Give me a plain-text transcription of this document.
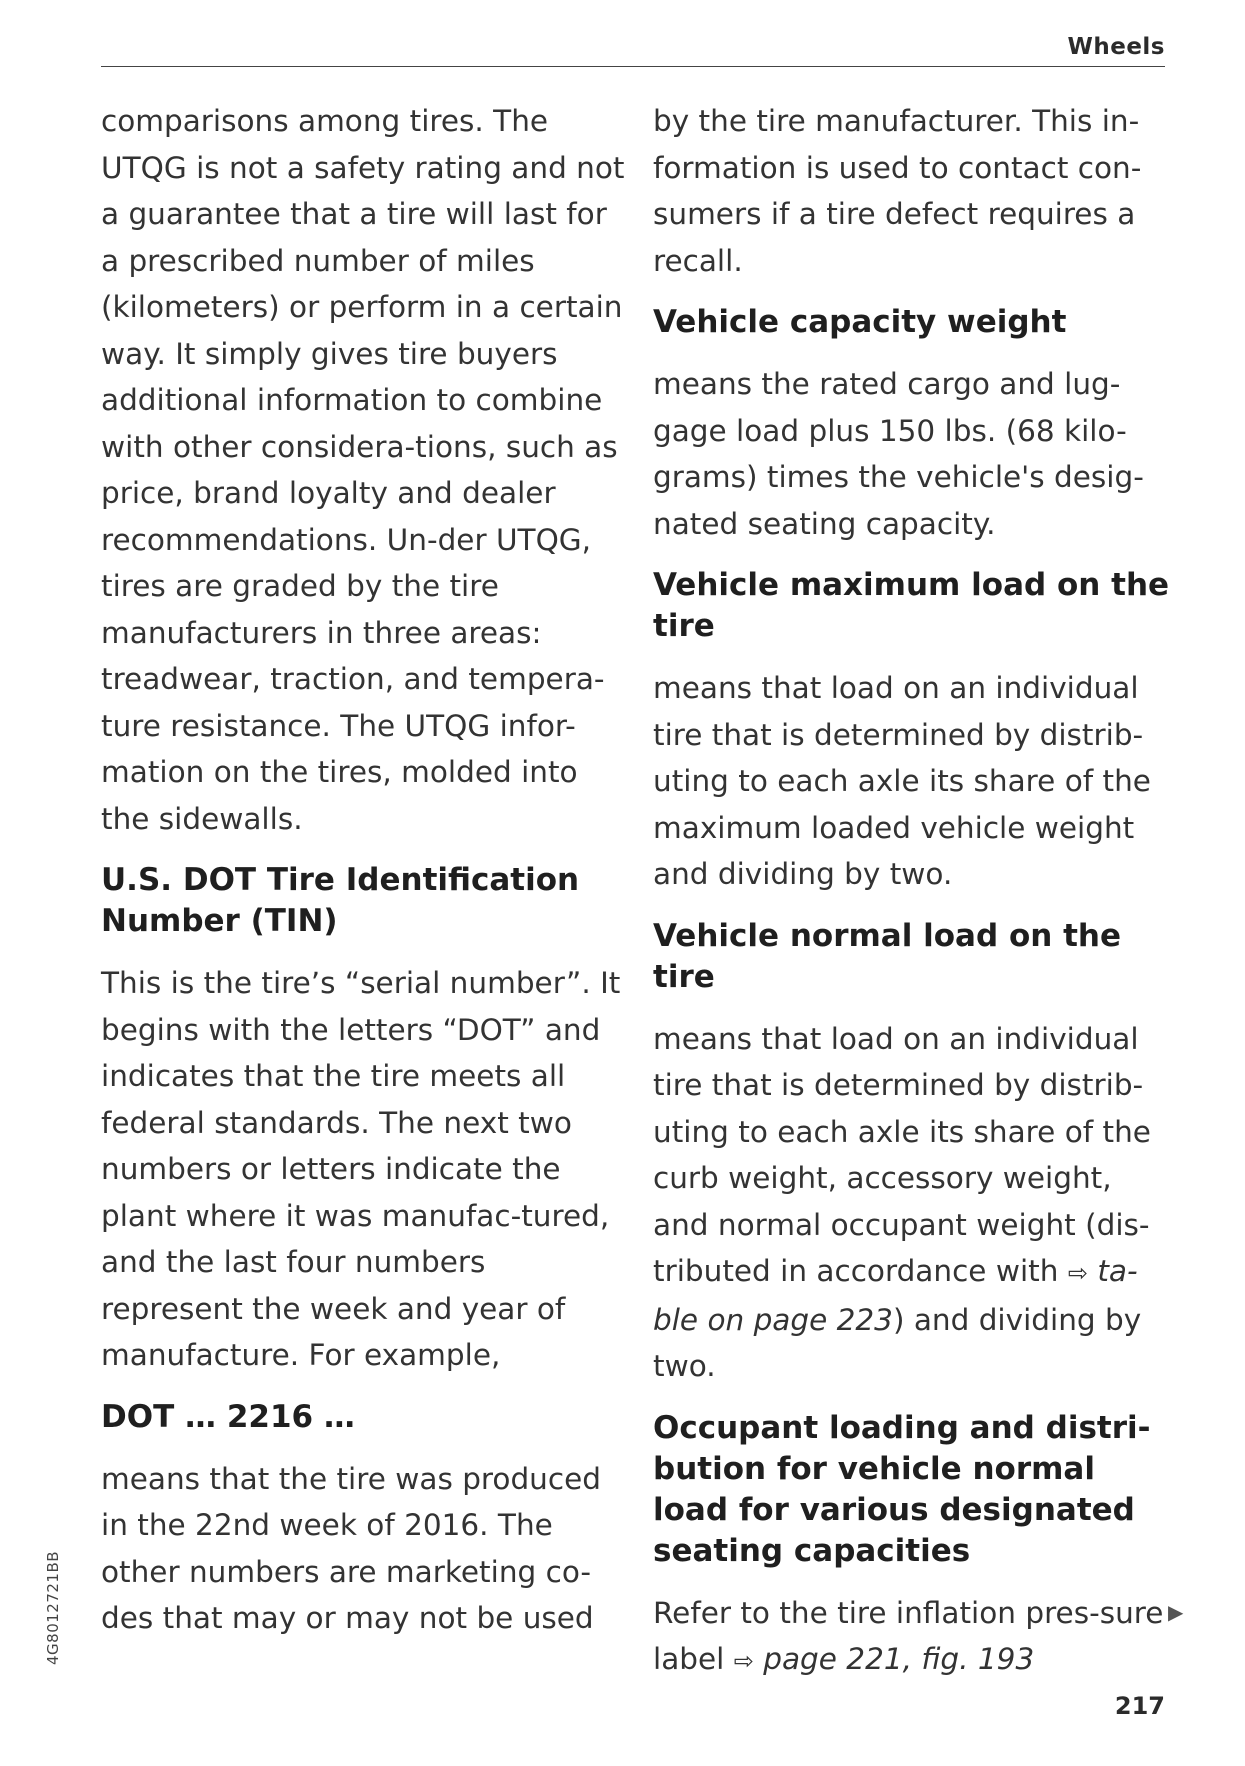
Wheels

comparisons among tires. The UTQG is not a safety rating and not a guarantee that a tire will last for a prescribed number of miles (kilometers) or perform in a certain way. It simply gives tire buyers additional information to combine with other considera-tions, such as price, brand loyalty and dealer recommendations. Un-der UTQG, tires are graded by the tire manufacturers in three areas: treadwear, traction, and tempera-ture resistance. The UTQG infor-mation on the tires, molded into the sidewalls.

U.S. DOT Tire Identification Number (TIN)

This is the tire’s “serial number”. It begins with the letters “DOT” and indicates that the tire meets all federal standards. The next two numbers or letters indicate the plant where it was manufac-tured, and the last four numbers represent the week and year of manufacture. For example,

DOT … 2216 …

means that the tire was produced in the 22nd week of 2016. The other numbers are marketing co-des that may or may not be used

by the tire manufacturer. This in-formation is used to contact con-sumers if a tire defect requires a recall.

Vehicle capacity weight

means the rated cargo and lug-gage load plus 150 lbs. (68 kilo-grams) times the vehicle's desig-nated seating capacity.

Vehicle maximum load on the tire

means that load on an individual tire that is determined by distrib-uting to each axle its share of the maximum loaded vehicle weight and dividing by two.

Vehicle normal load on the tire

means that load on an individual tire that is determined by distrib-uting to each axle its share of the curb weight, accessory weight, and normal occupant weight (dis-tributed in accordance with ⇨ ta-ble on page 223) and dividing by two.

Occupant loading and distri-bution for vehicle normal load for various designated seating capacities

Refer to the tire inflation pres-sure label ⇨ page 221, fig. 193

▶
217
4G8012721BB
